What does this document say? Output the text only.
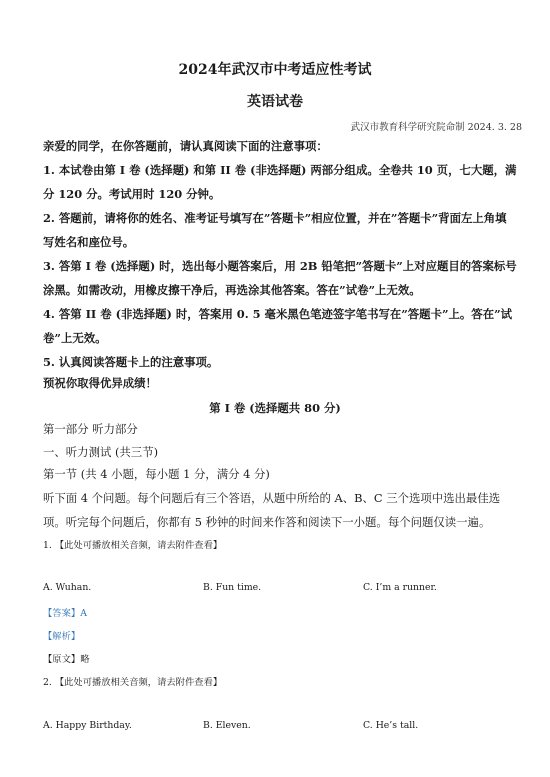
2024年武汉市中考适应性考试
英语试卷
武汉市教育科学研究院命制 2024. 3. 28
亲爱的同学，在你答题前，请认真阅读下面的注意事项：
1. 本试卷由第 I 卷 (选择题) 和第 II 卷 (非选择题) 两部分组成。全卷共 10 页，七大题，满
分 120 分。考试用时 120 分钟。
2. 答题前，请将你的姓名、准考证号填写在”答题卡”相应位置，并在”答题卡”背面左上角填
写姓名和座位号。
3. 答第 I 卷 (选择题) 时，选出每小题答案后，用 2B 铅笔把”答题卡”上对应题目的答案标号
涂黑。如需改动，用橡皮擦干净后，再选涂其他答案。答在”试卷”上无效。
4. 答第 II 卷 (非选择题) 时，答案用 0. 5 毫米黑色笔迹签字笔书写在”答题卡”上。答在”试
卷”上无效。
5. 认真阅读答题卡上的注意事项。
预祝你取得优异成绩！
第 I 卷 (选择题共 80 分)
第一部分 听力部分
一、听力测试 (共三节)
第一节 (共 4 小题，每小题 1 分，满分 4 分)
听下面 4 个问题。每个问题后有三个答语，从题中所给的 A、B、C 三个选项中选出最佳选
项。听完每个问题后，你都有 5 秒钟的时间来作答和阅读下一小题。每个问题仅读一遍。
1. 【此处可播放相关音频，请去附件查看】
A. Wuhan.	B. Fun time.	C. I’m a runner.
【答案】A
【解析】
【原文】略
2. 【此处可播放相关音频，请去附件查看】
A. Happy Birthday.	B. Eleven.	C. He’s tall.
